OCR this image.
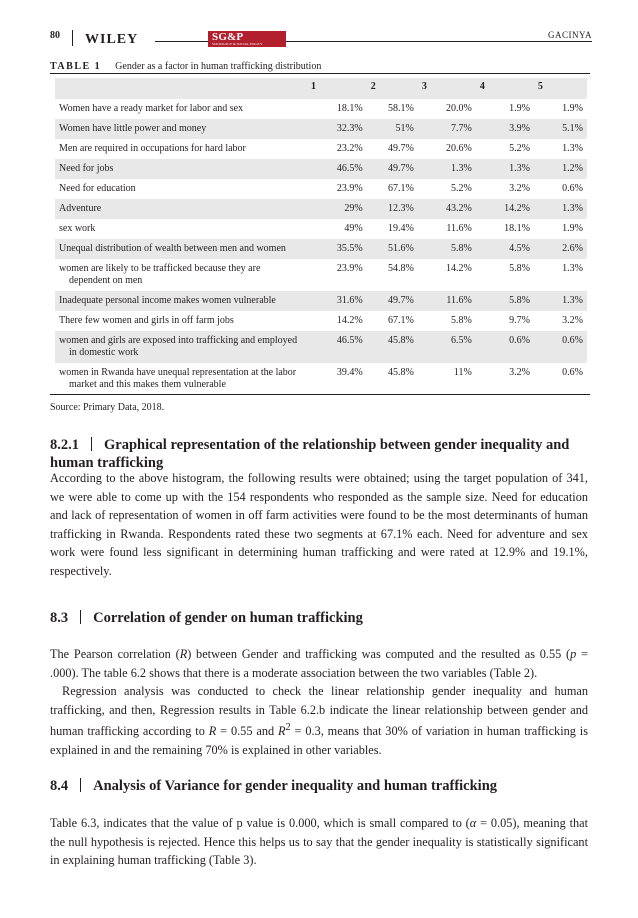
80 WILEY	SG&P
SOCIOLOGY & SOCIAL POLICY
GACINYA
TABLE 1 Gender as a factor in human trafficking distribution
	1	2	3	4	5

Women have a ready market for labor and sex	18.1%	58.1%	20.0%	1.9%	1.9%

Women have little power and money	32.3%	51%	7.7%	3.9%	5.1%

Men are required in occupations for hard labor	23.2%	49.7%	20.6%	5.2%	1.3%

Need for jobs	46.5%	49.7%	1.3%	1.3%	1.2%

Need for education	23.9%	67.1%	5.2%	3.2%	0.6%

Adventure	29%	12.3%	43.2%	14.2%	1.3%

sex work	49%	19.4%	11.6%	18.1%	1.9%

Unequal distribution of wealth between men and women	35.5%	51.6%	5.8%	4.5%	2.6%

women are likely to be trafficked because they are dependent on men	23.9%	54.8%	14.2%	5.8%	1.3%

Inadequate personal income makes women vulnerable	31.6%	49.7%	11.6%	5.8%	1.3%

There few women and girls in off farm jobs	14.2%	67.1%	5.8%	9.7%	3.2%

women and girls are exposed into trafficking and employed in domestic work	46.5%	45.8%	6.5%	0.6%	0.6%

women in Rwanda have unequal representation at the labor market and this makes them vulnerable	39.4%	45.8%	11%	3.2%	0.6%
Source: Primary Data, 2018.
8.2.1 Graphical representation of the relationship between gender inequality and human trafficking

According to the above histogram, the following results were obtained; using the target population of 341, we were able to come up with the 154 respondents who responded as the sample size. Need for education and lack of representation of women in off farm activities were found to be the most determinants of human trafficking in Rwanda. Respondents rated these two segments at 67.1% each. Need for adventure and sex work were found less significant in determining human trafficking and were rated at 12.9% and 19.1%, respectively.

8.3 Correlation of gender on human trafficking
The Pearson correlation (R) between Gender and trafficking was computed and the resulted as 0.55 (p = .000). The table 6.2 shows that there is a moderate association between the two variables (Table 2).
Regression analysis was conducted to check the linear relationship gender inequality and human trafficking, and then, Regression results in Table 6.2.b indicate the linear relationship between gender and human trafficking according to R = 0.55 and $R^2 = 0.3$, means that 30% of variation in human trafficking is explained in and the remaining 70% is explained in other variables.
8.4 Analysis of Variance for gender inequality and human trafficking

Table 6.3, indicates that the value of p value is 0.000, which is small compared to (α = 0.05), meaning that the null hypothesis is rejected. Hence this helps us to say that the gender inequality is statistically significant in explaining human trafficking (Table 3).
